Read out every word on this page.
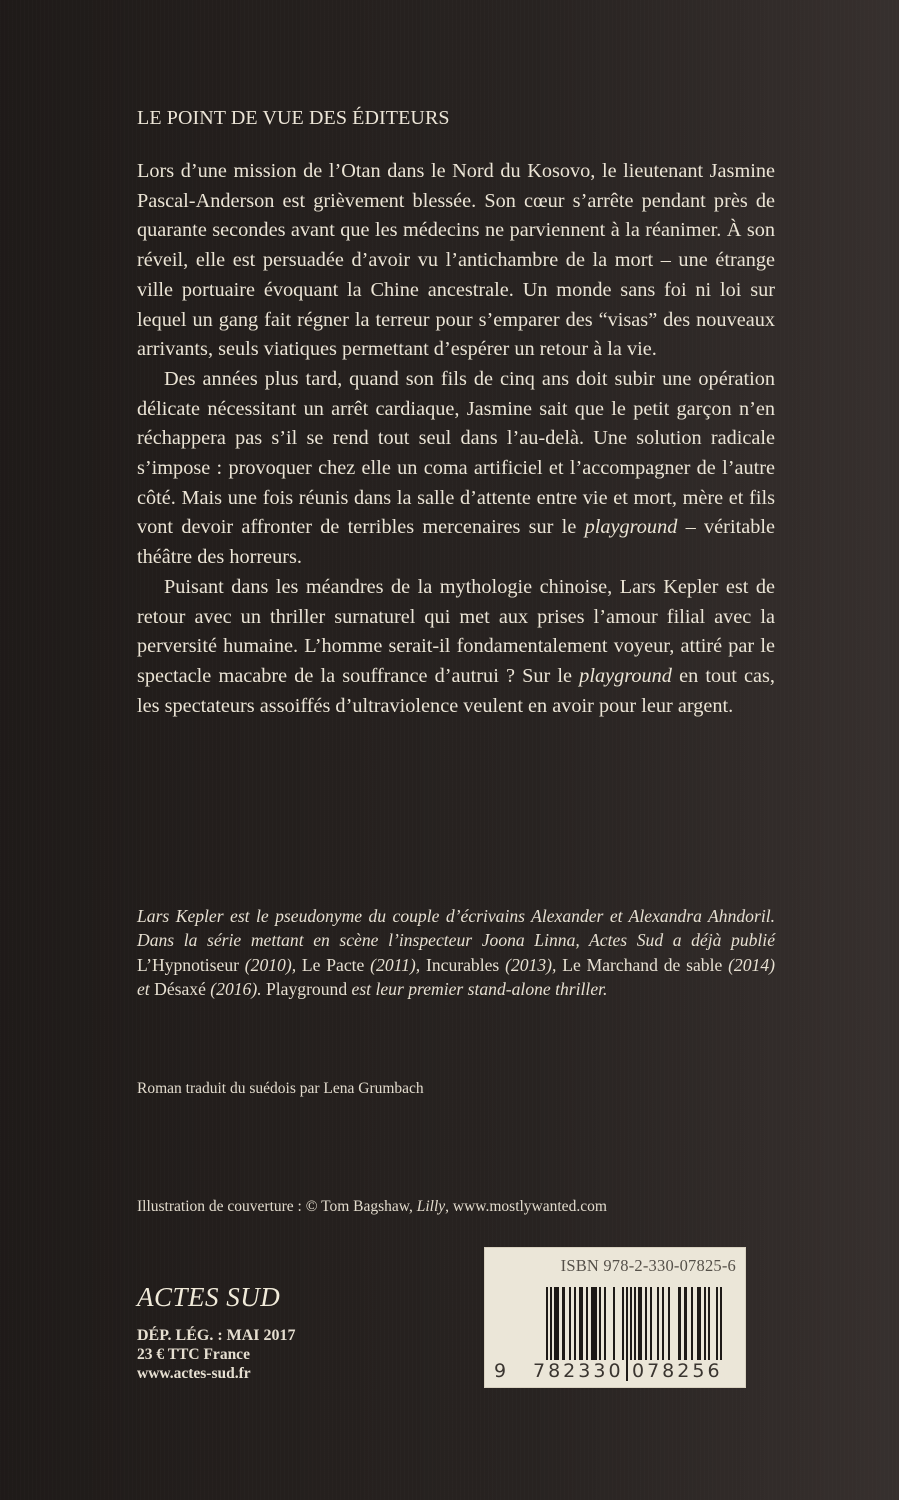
LE POINT DE VUE DES ÉDITEURS

Lors d’une mission de l’Otan dans le Nord du Kosovo, le lieutenant Jasmine Pascal-Anderson est grièvement blessée. Son cœur s’arrête pendant près de quarante secondes avant que les médecins ne parviennent à la réanimer. À son réveil, elle est persuadée d’avoir vu l’antichambre de la mort – une étrange ville portuaire évoquant la Chine ancestrale. Un monde sans foi ni loi sur lequel un gang fait régner la terreur pour s’emparer des “visas” des nouveaux arrivants, seuls viatiques permettant d’espérer un retour à la vie.

Des années plus tard, quand son fils de cinq ans doit subir une opération délicate nécessitant un arrêt cardiaque, Jasmine sait que le petit garçon n’en réchappera pas s’il se rend tout seul dans l’au-delà. Une solution radicale s’impose : provoquer chez elle un coma artificiel et l’accompagner de l’autre côté. Mais une fois réunis dans la salle d’attente entre vie et mort, mère et fils vont devoir affronter de terribles mercenaires sur le playground – véritable théâtre des horreurs.

Puisant dans les méandres de la mythologie chinoise, Lars Kepler est de retour avec un thriller surnaturel qui met aux prises l’amour filial avec la perversité humaine. L’homme serait-il fondamentalement voyeur, attiré par le spectacle macabre de la souffrance d’autrui ? Sur le playground en tout cas, les spectateurs assoiffés d’ultraviolence veulent en avoir pour leur argent.

Lars Kepler est le pseudonyme du couple d’écrivains Alexander et Alexandra Ahndoril. Dans la série mettant en scène l’inspecteur Joona Linna, Actes Sud a déjà publié L’Hypnotiseur (2010), Le Pacte (2011), Incurables (2013), Le Marchand de sable (2014) et Désaxé (2016). Playground est leur premier stand-alone thriller.
Roman traduit du suédois par Lena Grumbach
Illustration de couverture : © Tom Bagshaw, Lilly, www.mostlywanted.com
ACTES SUD
DÉP. LÉG. : MAI 2017
23 € TTC France
www.actes-sud.fr
ISBN 978-2-330-07825-6
9 782330 078256
